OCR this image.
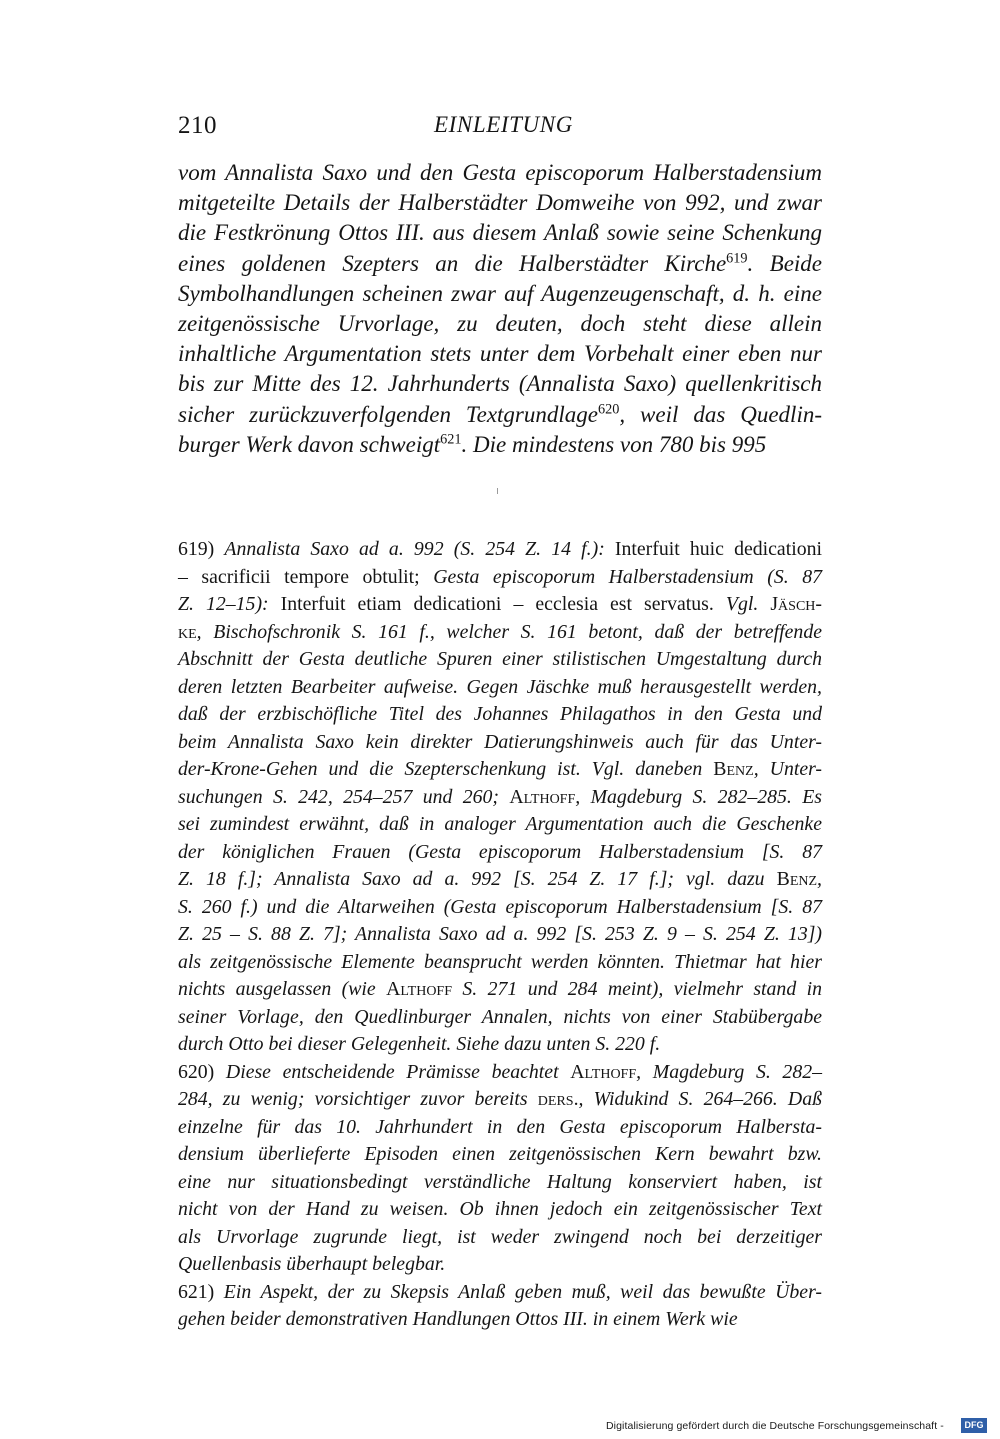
210	EINLEITUNG
vom Annalista Saxo und den Gesta episcoporum Halberstadensium
mitgeteilte Details der Halberstädter Domweihe von 992, und zwar
die Festkrönung Ottos III. aus diesem Anlaß sowie seine Schenkung
eines goldenen Szepters an die Halberstädter Kirche$^{619}$. Beide
Symbolhandlungen scheinen zwar auf Augenzeugenschaft, d. h. eine
zeitgenössische Urvorlage, zu deuten, doch steht diese allein
inhaltliche Argumentation stets unter dem Vorbehalt einer eben nur
bis zur Mitte des 12. Jahrhunderts (Annalista Saxo) quellenkritisch
sicher zurückzuverfolgenden Textgrundlage$^{620}$, weil das Quedlin-
burger Werk davon schweigt$^{621}$. Die mindestens von 780 bis 995
619) Annalista Saxo ad a. 992 (S. 254 Z. 14 f.): Interfuit huic dedicationi
– sacrificii tempore obtulit; Gesta episcoporum Halberstadensium (S. 87
Z. 12–15): Interfuit etiam dedicationi – ecclesia est servatus. Vgl. Jäsch-
ke, Bischofschronik S. 161 f., welcher S. 161 betont, daß der betreffende
Abschnitt der Gesta deutliche Spuren einer stilistischen Umgestaltung durch
deren letzten Bearbeiter aufweise. Gegen Jäschke muß herausgestellt werden,
daß der erzbischöfliche Titel des Johannes Philagathos in den Gesta und
beim Annalista Saxo kein direkter Datierungshinweis auch für das Unter-
der-Krone-Gehen und die Szepterschenkung ist. Vgl. daneben Benz, Unter-
suchungen S. 242, 254–257 und 260; Althoff, Magdeburg S. 282–285. Es
sei zumindest erwähnt, daß in analoger Argumentation auch die Geschenke
der königlichen Frauen (Gesta episcoporum Halberstadensium [S. 87
Z. 18 f.]; Annalista Saxo ad a. 992 [S. 254 Z. 17 f.]; vgl. dazu Benz,
S. 260 f.) und die Altarweihen (Gesta episcoporum Halberstadensium [S. 87
Z. 25 – S. 88 Z. 7]; Annalista Saxo ad a. 992 [S. 253 Z. 9 – S. 254 Z. 13])
als zeitgenössische Elemente beansprucht werden könnten. Thietmar hat hier
nichts ausgelassen (wie Althoff S. 271 und 284 meint), vielmehr stand in
seiner Vorlage, den Quedlinburger Annalen, nichts von einer Stabübergabe
durch Otto bei dieser Gelegenheit. Siehe dazu unten S. 220 f.
620) Diese entscheidende Prämisse beachtet Althoff, Magdeburg S. 282–
284, zu wenig; vorsichtiger zuvor bereits ders., Widukind S. 264–266. Daß
einzelne für das 10. Jahrhundert in den Gesta episcoporum Halbersta-
densium überlieferte Episoden einen zeitgenössischen Kern bewahrt bzw.
eine nur situationsbedingt verständliche Haltung konserviert haben, ist
nicht von der Hand zu weisen. Ob ihnen jedoch ein zeitgenössischer Text
als Urvorlage zugrunde liegt, ist weder zwingend noch bei derzeitiger
Quellenbasis überhaupt belegbar.
621) Ein Aspekt, der zu Skepsis Anlaß geben muß, weil das bewußte Über-
gehen beider demonstrativen Handlungen Ottos III. in einem Werk wie
Digitalisierung gefördert durch die Deutsche Forschungsgemeinschaft -	DFG
